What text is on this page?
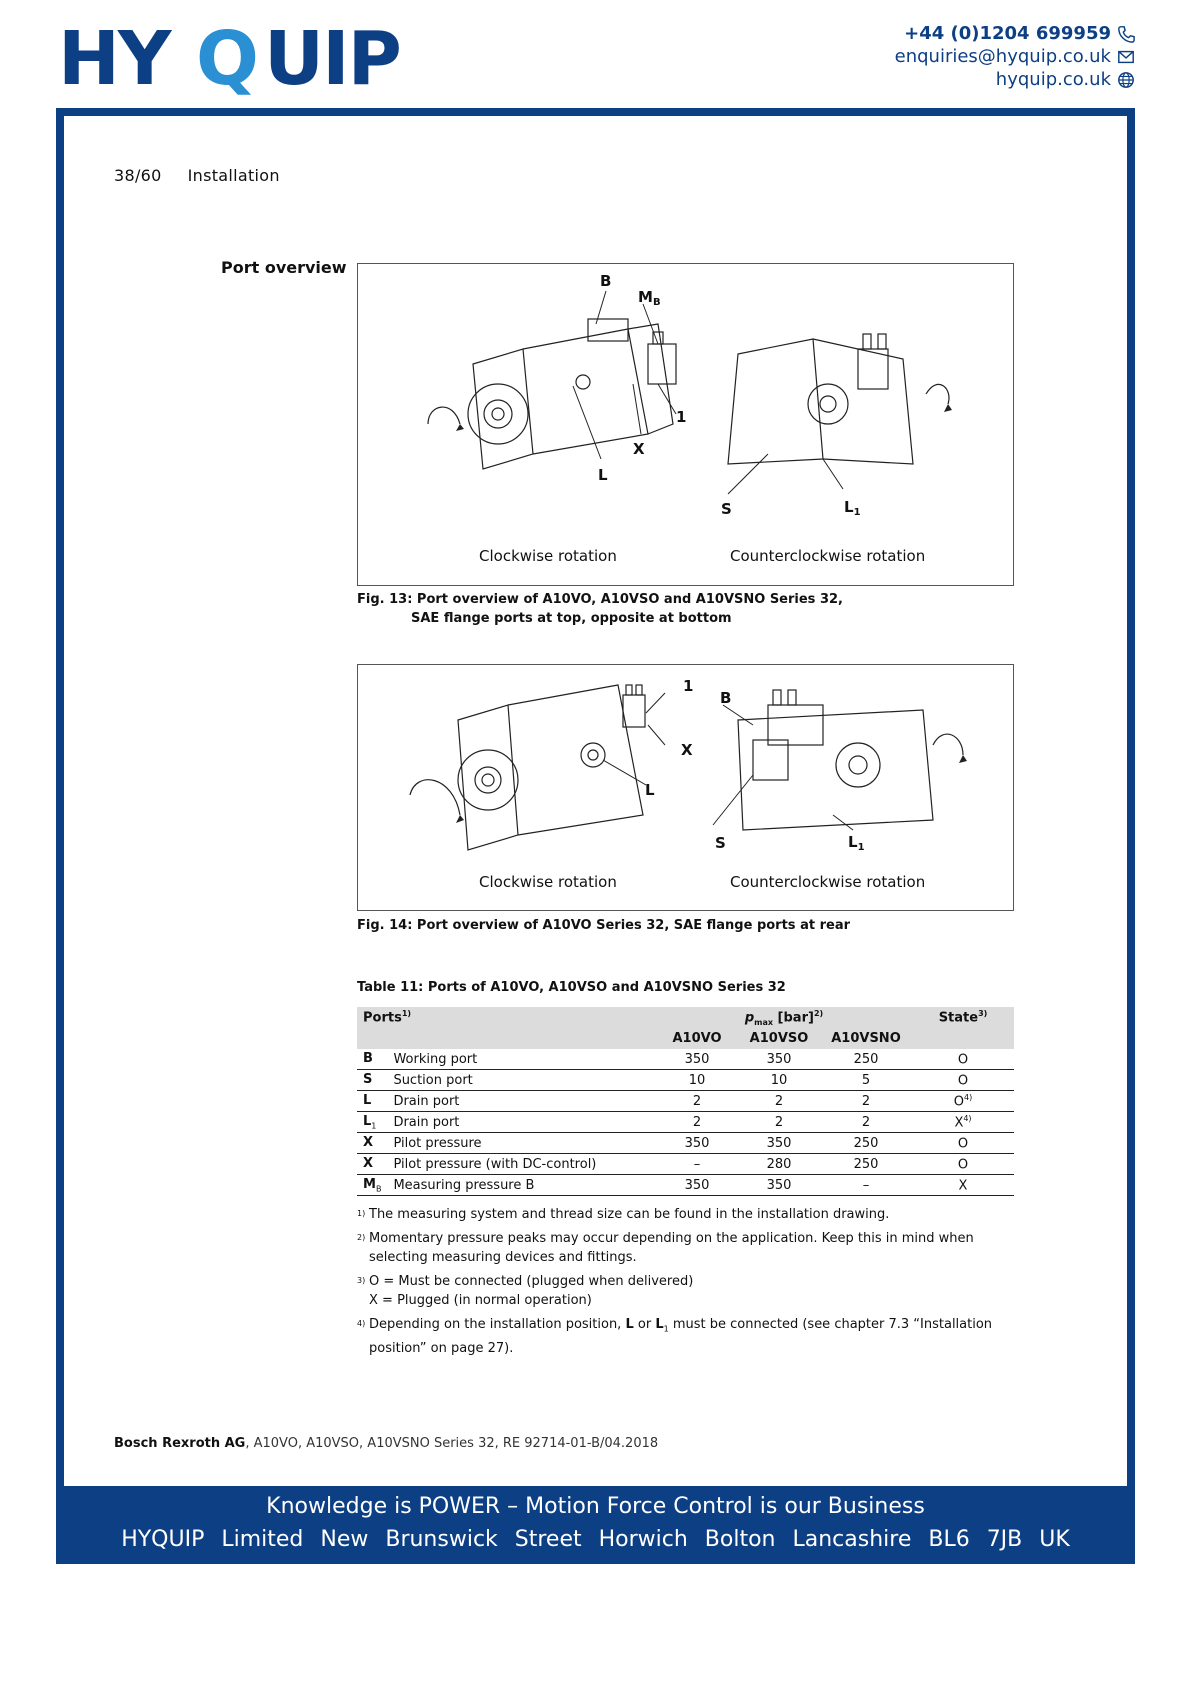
HY Q UIP	+44 (0)1204 699959
enquiries@hyquip.co.uk
hyquip.co.uk
38/60 Installation
Port overview
B
$M_B$
1
X
L
S	$L_1$
Clockwise rotation	Counterclockwise rotation
Fig. 13: Port overview of A10VO, A10VSO and A10VSNO Series 32,
SAE flange ports at top, opposite at bottom
1
X
L
B
S	$L_1$
Clockwise rotation	Counterclockwise rotation
Fig. 14: Port overview of A10VO Series 32, SAE flange ports at rear
Table 11: Ports of A10VO, A10VSO and A10VSNO Series 32
Ports$^{1)}$		$p_{max}$ [bar]$^{2)}$			State$^{3)}$
		A10VO	A10VSO	A10VSNO	
B	Working port	350	350	250	O
S	Suction port	10	10	5	O
L	Drain port	2	2	2	$O^{4)}$
$L_1$	Drain port	2	2	2	$X^{4)}$
X	Pilot pressure	350	350	250	O
X	Pilot pressure (with DC-control)	–	280	250	O
$M_B$	Measuring pressure B	350	350	–	X
1) The measuring system and thread size can be found in the installation drawing.
2) Momentary pressure peaks may occur depending on the application. Keep this in mind when selecting measuring devices and fittings.
3) O = Must be connected (plugged when delivered)
X = Plugged (in normal operation)
4) Depending on the installation position, L or $L_1$ must be connected (see chapter 7.3 “Installation position” on page 27).
Bosch Rexroth AG, A10VO, A10VSO, A10VSNO Series 32, RE 92714-01-B/04.2018
Knowledge is POWER – Motion Force Control is our Business
HYQUIP Limited New Brunswick Street Horwich Bolton Lancashire BL6 7JB UK
